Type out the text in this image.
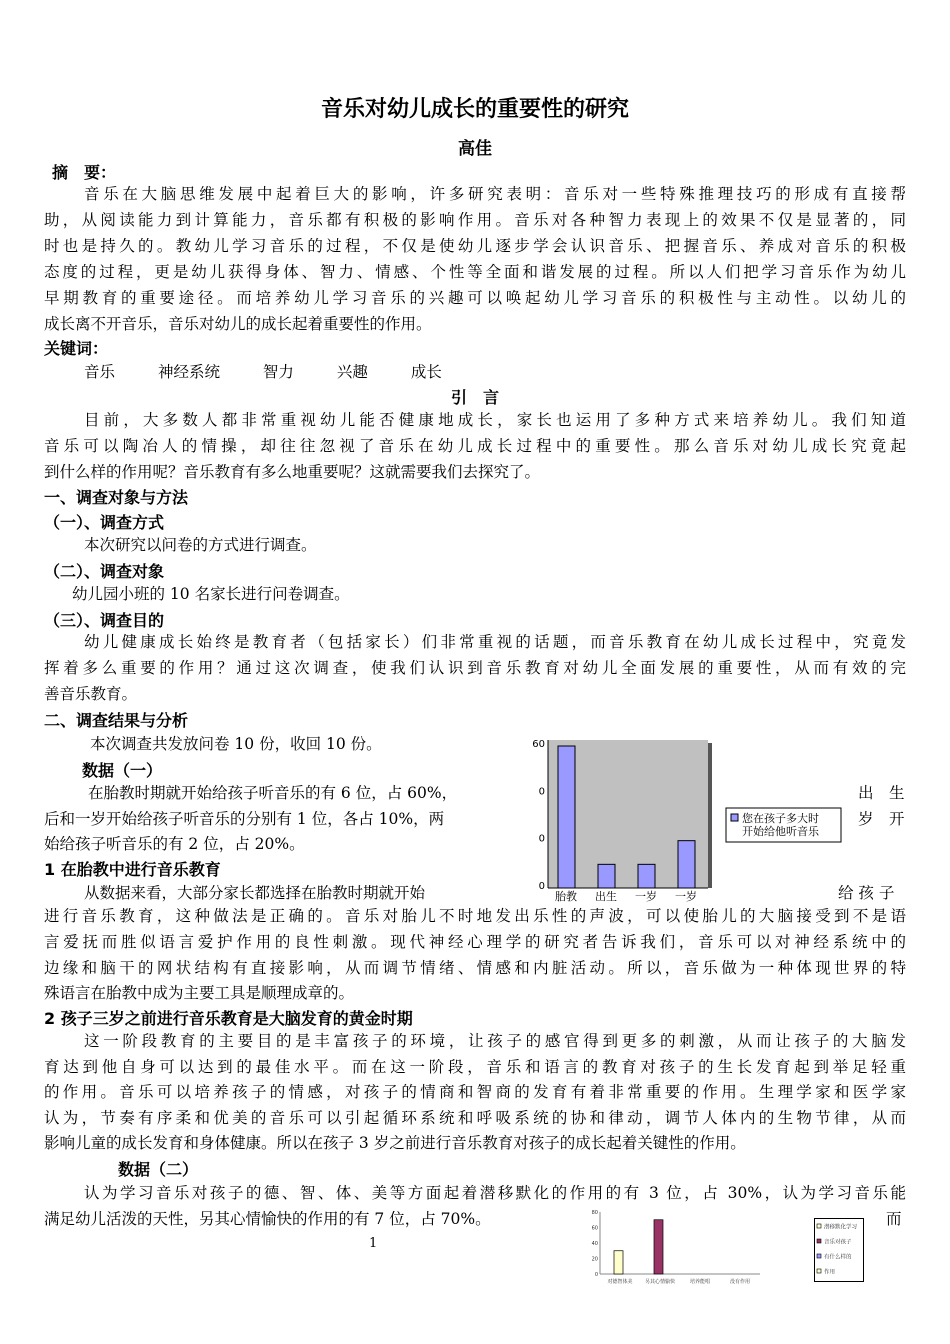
音乐对幼儿成长的重要性的研究
高佳
摘　要：
音乐在大脑思维发展中起着巨大的影响，许多研究表明：音乐对一些特殊推理技巧的形成有直接帮
助，从阅读能力到计算能力，音乐都有积极的影响作用。音乐对各种智力表现上的效果不仅是显著的，同
时也是持久的。教幼儿学习音乐的过程，不仅是使幼儿逐步学会认识音乐、把握音乐、养成对音乐的积极
态度的过程，更是幼儿获得身体、智力、情感、个性等全面和谐发展的过程。所以人们把学习音乐作为幼儿
早期教育的重要途径。而培养幼儿学习音乐的兴趣可以唤起幼儿学习音乐的积极性与主动性。以幼儿的
成长离不开音乐，音乐对幼儿的成长起着重要性的作用。
关键词：
音乐	神经系统	智力	兴趣	成长
引　言
目前，大多数人都非常重视幼儿能否健康地成长，家长也运用了多种方式来培养幼儿。我们知道
音乐可以陶冶人的情操，却往往忽视了音乐在幼儿成长过程中的重要性。那么音乐对幼儿成长究竟起
到什么样的作用呢？音乐教育有多么地重要呢？这就需要我们去探究了。
一、调查对象与方法
（一）、调查方式
本次研究以问卷的方式进行调查。
（二）、调查对象
幼儿园小班的 10 名家长进行问卷调查。
（三）、调查目的
幼儿健康成长始终是教育者（包括家长）们非常重视的话题，而音乐教育在幼儿成长过程中，究竟发
挥着多么重要的作用？通过这次调查，使我们认识到音乐教育对幼儿全面发展的重要性，从而有效的完
善音乐教育。
二、调查结果与分析
本次调查共发放问卷 10 份，收回 10 份。
数据（一）
在胎教时期就开始给孩子听音乐的有 6 位，占 60%，	出　生
后和一岁开始给孩子听音乐的分别有 1 位，各占 10%，两	岁　开
始给孩子听音乐的有 2 位，占 20%。
1 在胎教中进行音乐教育
从数据来看，大部分家长都选择在胎教时期就开始	给 孩 子
进行音乐教育，这种做法是正确的。音乐对胎儿不时地发出乐性的声波，可以使胎儿的大脑接受到不是语
言爱抚而胜似语言爱护作用的良性刺激。现代神经心理学的研究者告诉我们，音乐可以对神经系统中的
边缘和脑干的网状结构有直接影响，从而调节情绪、情感和内脏活动。所以，音乐做为一种体现世界的特
殊语言在胎教中成为主要工具是顺理成章的。
2 孩子三岁之前进行音乐教育是大脑发育的黄金时期
这一阶段教育的主要目的是丰富孩子的环境，让孩子的感官得到更多的刺激，从而让孩子的大脑发
育达到他自身可以达到的最佳水平。而在这一阶段，音乐和语言的教育对孩子的生长发育起到举足轻重
的作用。音乐可以培养孩子的情感，对孩子的情商和智商的发育有着非常重要的作用。生理学家和医学家
认为，节奏有序柔和优美的音乐可以引起循环系统和呼吸系统的协和律动，调节人体内的生物节律，从而
影响儿童的成长发育和身体健康。所以在孩子 3 岁之前进行音乐教育对孩子的成长起着关键性的作用。
数据（二）
认为学习音乐对孩子的德、智、体、美等方面起着潜移默化的作用的有 3 位，占 30%，认为学习音乐能
满足幼儿活泼的天性，另其心情愉快的作用的有 7 位，占 70%。	而
1
60
0
0
0
胎教 出生 一岁 一岁
您在孩子多大时
开始给他听音乐
80
60
40
20
0
对德智体美 另其心情愉快	培养能唱	没有作用
潜移默化学习
音乐对孩子
有什么样的
作用
